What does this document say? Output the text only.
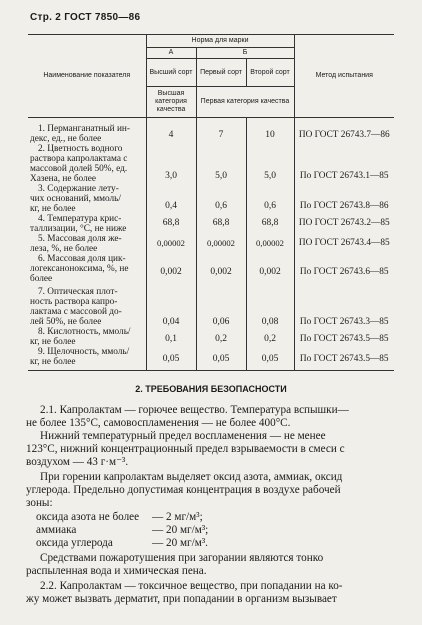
Стр. 2 ГОСТ 7850—86
Наименование показателя	Норма для марки			Метод испытания
	А	Б		
	Высший сорт	Первый сорт	Второй сорт	
	Высшая категория качества	Первая категория качества		

1. Перманганатный ин-
декс, ед., не более	4	7	10	ПО ГОСТ 26743.7—86

2. Цветность водного
раствора капролактама с
массовой долей 50%, ед.
Хазена, не более	3,0	5,0	5,0	По ГОСТ 26743.1—85

3. Содержание лету-
чих оснований, ммоль/
кг, не более	0,4	0,6	0,6	По ГОСТ 26743.8—86

4. Температура крис-
таллизации, °С, не ниже	68,8	68,8	68,8	ПО ГОСТ 26743.2—85

5. Массовая доля же-
леза, %, не более	0,00002	0,00002	0,00002	ПО ГОСТ 26743.4—85

6. Массовая доля цик-
логексаноноксима, %, не
более	0,002	0,002	0,002	По ГОСТ 26743.6—85

7. Оптическая плот-
ность раствора капро-
лактама с массовой до-
лей 50%, не более	0,04	0,06	0,08	По ГОСТ 26743.3—85

8. Кислотность, ммоль/
кг, не более	0,1	0,2	0,2	По ГОСТ 26743.5—85

9. Щелочность, ммоль/
кг, не более	0,05	0,05	0,05	По ГОСТ 26743.5—85
2. ТРЕБОВАНИЯ БЕЗОПАСНОСТИ
2.1. Капролактам — горючее вещество. Температура вспышки—
не более 135°С, самовоспламенения — не более 400°С.
Нижний температурный предел воспламенения — не менее
123°С, нижний концентрационный предел взрываемости в смеси с
воздухом — 43 г·м⁻³.
При горении капролактам выделяет оксид азота, аммиак, оксид
углерода. Предельно допустимая концентрация в воздухе рабочей
зоны:
оксида азота не более — 2 мг/м³;
аммиака	— 20 мг/м³;
оксида углерода	— 20 мг/м³.
Средствами пожаротушения при загорании являются тонко
распыленная вода и химическая пена.
2.2. Капролактам — токсичное вещество, при попадании на ко-
жу может вызвать дерматит, при попадании в организм вызывает
